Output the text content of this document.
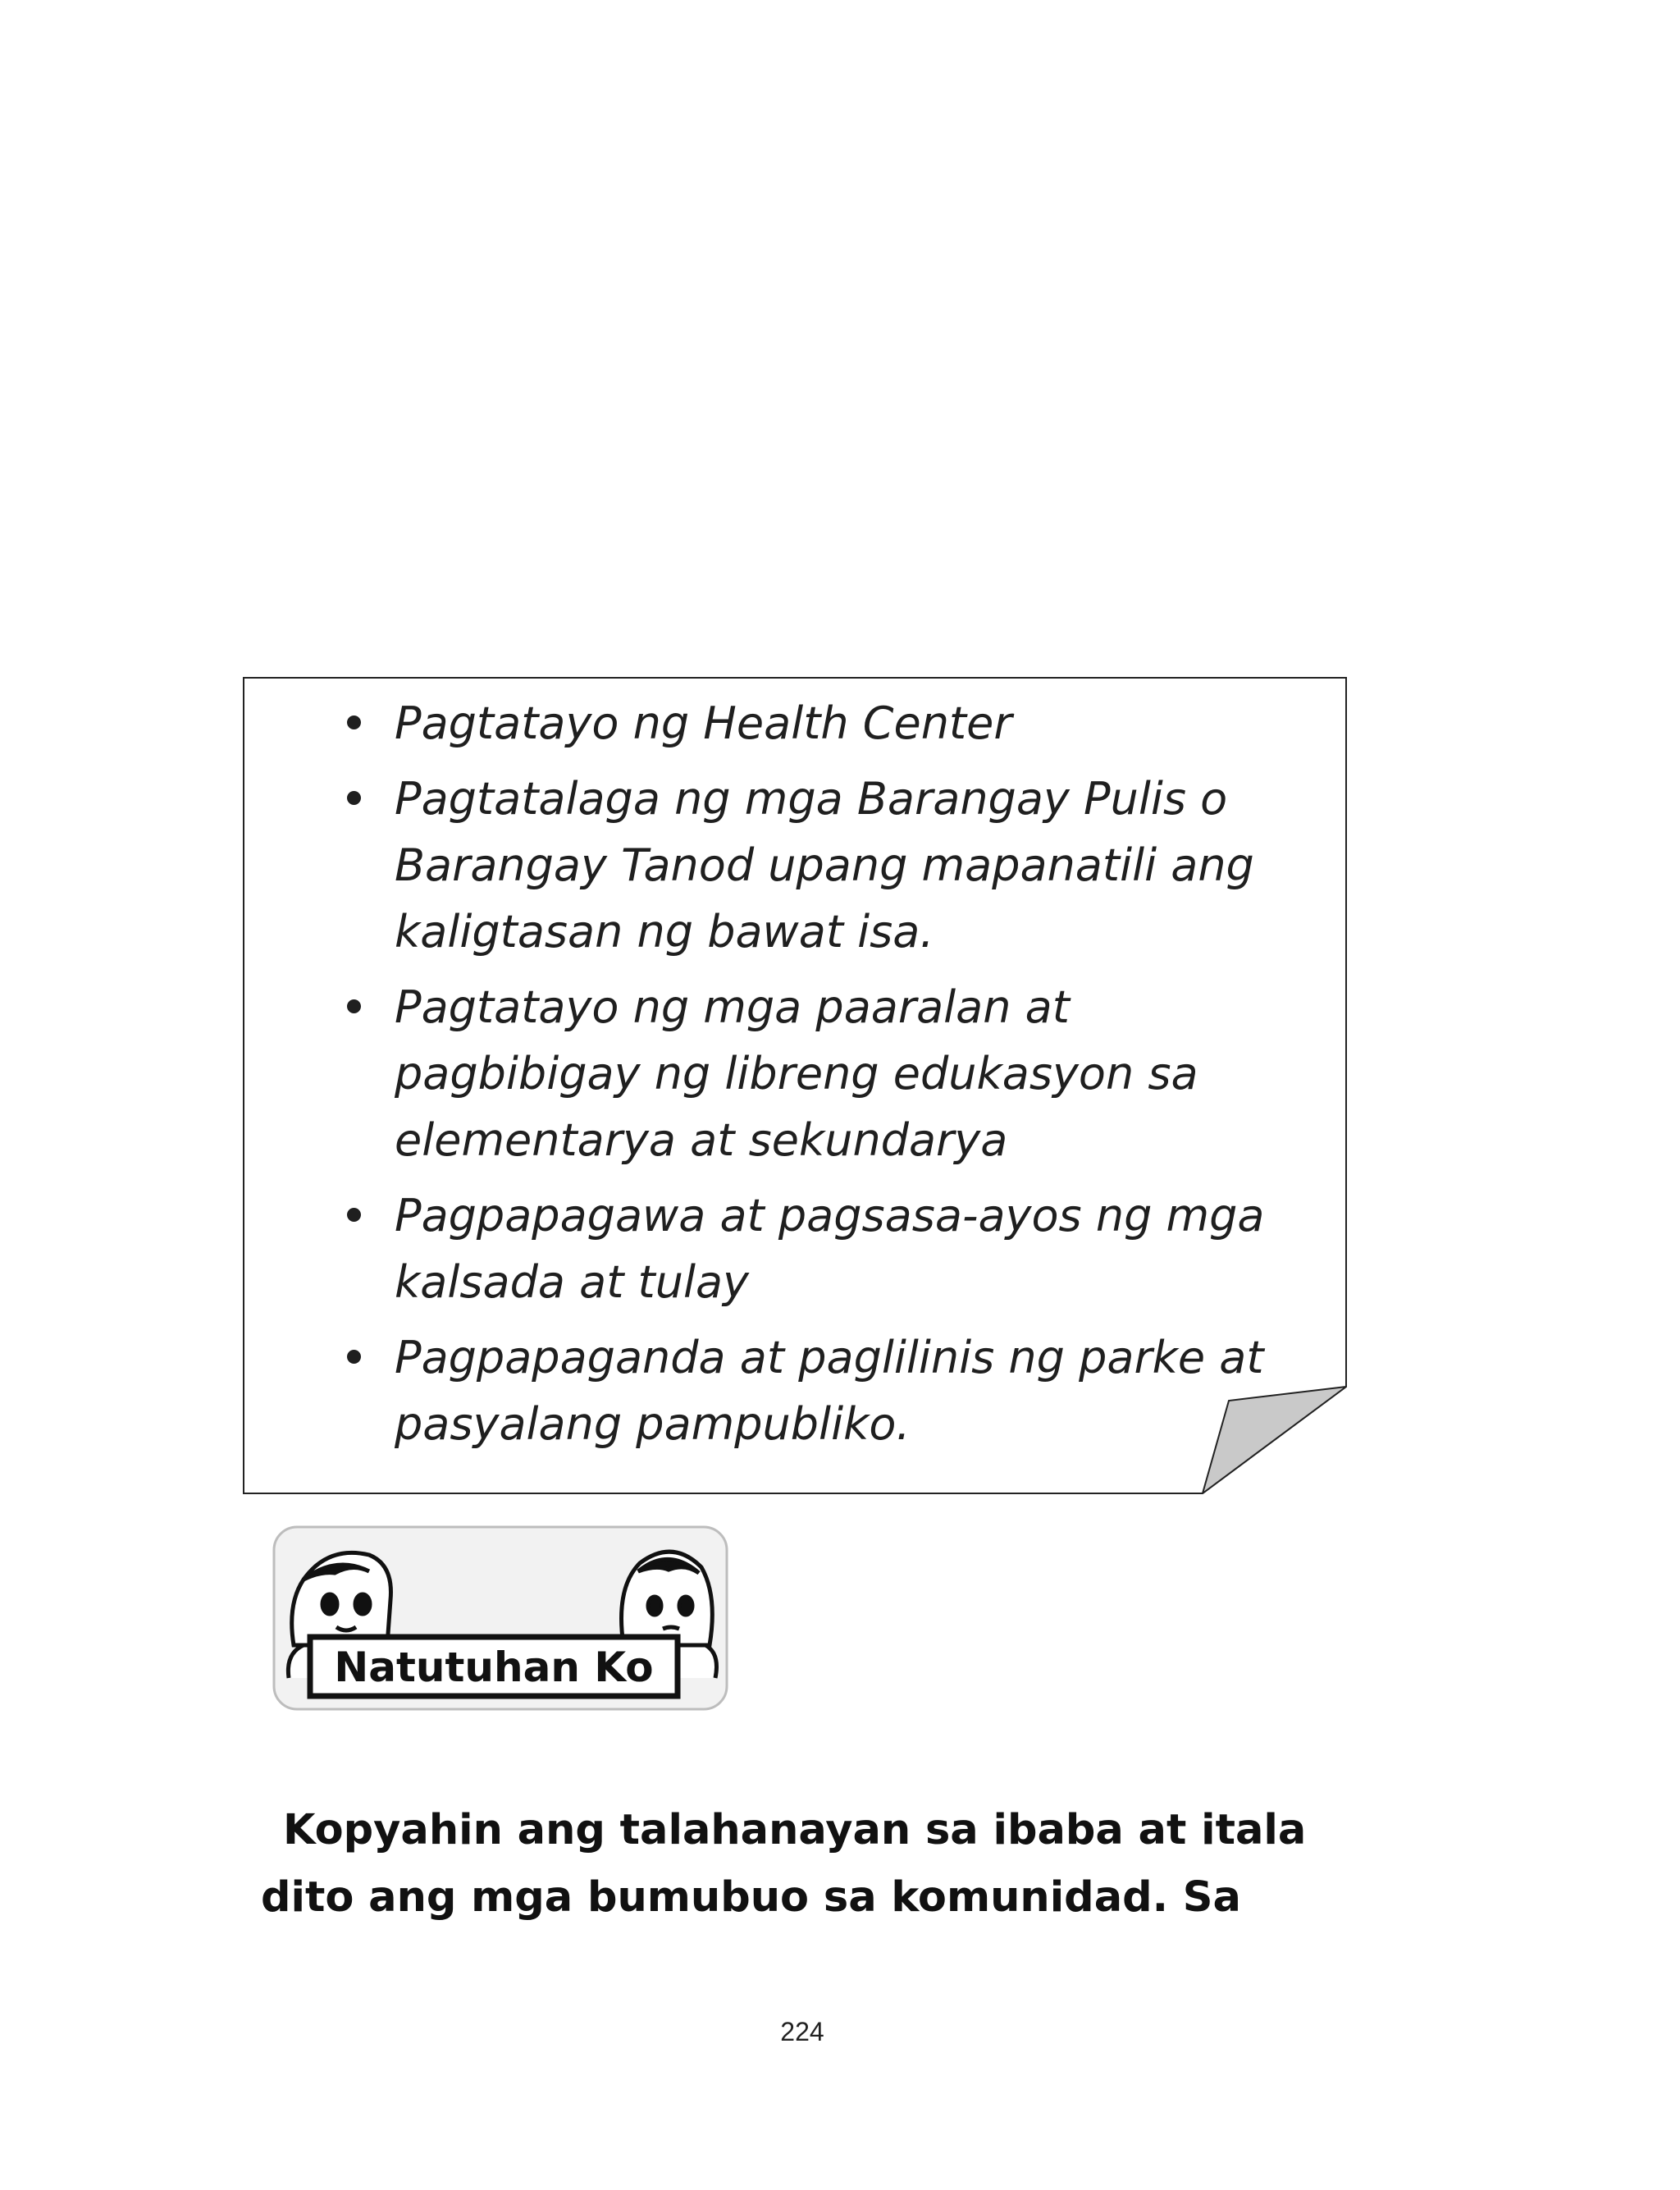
Pagtatayo ng Health Center
Pagtatalaga ng mga Barangay Pulis o Barangay Tanod upang mapanatili ang kaligtasan ng bawat isa.
Pagtatayo ng mga paaralan at pagbibigay ng libreng edukasyon sa elementarya at sekundarya
Pagpapagawa at pagsasa-ayos ng mga kalsada at tulay
Pagpapaganda at paglilinis ng parke at pasyalang pampubliko.
Natutuhan Ko

Kopyahin ang talahanayan sa ibaba at itala
dito ang mga bumubuo sa komunidad. Sa

224
